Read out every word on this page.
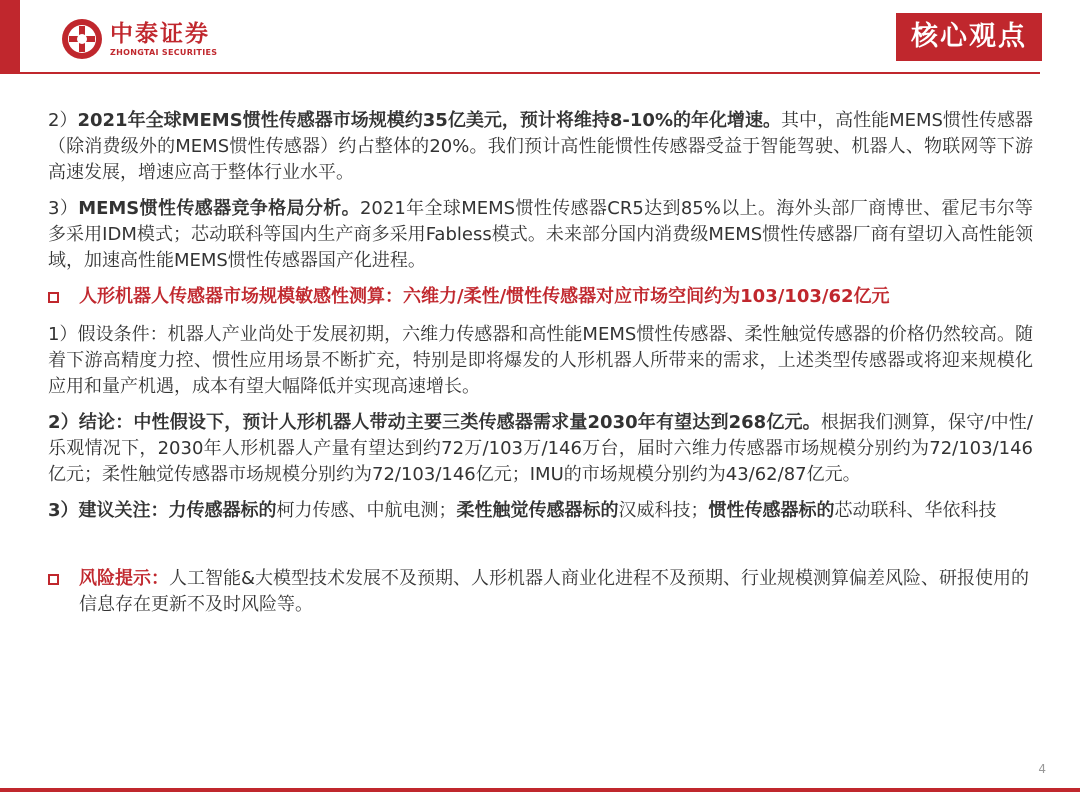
中泰证券
ZHONGTAI SECURITIES	核心观点

2）2021年全球MEMS惯性传感器市场规模约35亿美元，预计将维持8-10%的年化增速。其中，高性能MEMS惯性传感器（除消费级外的MEMS惯性传感器）约占整体的20%。我们预计高性能惯性传感器受益于智能驾驶、机器人、物联网等下游高速发展，增速应高于整体行业水平。

3）MEMS惯性传感器竞争格局分析。2021年全球MEMS惯性传感器CR5达到85%以上。海外头部厂商博世、霍尼韦尔等多采用IDM模式；芯动联科等国内生产商多采用Fabless模式。未来部分国内消费级MEMS惯性传感器厂商有望切入高性能领域，加速高性能MEMS惯性传感器国产化进程。

人形机器人传感器市场规模敏感性测算：六维力/柔性/惯性传感器对应市场空间约为103/103/62亿元

1）假设条件：机器人产业尚处于发展初期，六维力传感器和高性能MEMS惯性传感器、柔性触觉传感器的价格仍然较高。随着下游高精度力控、惯性应用场景不断扩充，特别是即将爆发的人形机器人所带来的需求，上述类型传感器或将迎来规模化应用和量产机遇，成本有望大幅降低并实现高速增长。

2）结论：中性假设下，预计人形机器人带动主要三类传感器需求量2030年有望达到268亿元。根据我们测算，保守/中性/乐观情况下，2030年人形机器人产量有望达到约72万/103万/146万台，届时六维力传感器市场规模分别约为72/103/146亿元；柔性触觉传感器市场规模分别约为72/103/146亿元；IMU的市场规模分别约为43/62/87亿元。

3）建议关注：力传感器标的柯力传感、中航电测；柔性触觉传感器标的汉威科技；惯性传感器标的芯动联科、华依科技

风险提示：人工智能&大模型技术发展不及预期、人形机器人商业化进程不及预期、行业规模测算偏差风险、研报使用的信息存在更新不及时风险等。

4
